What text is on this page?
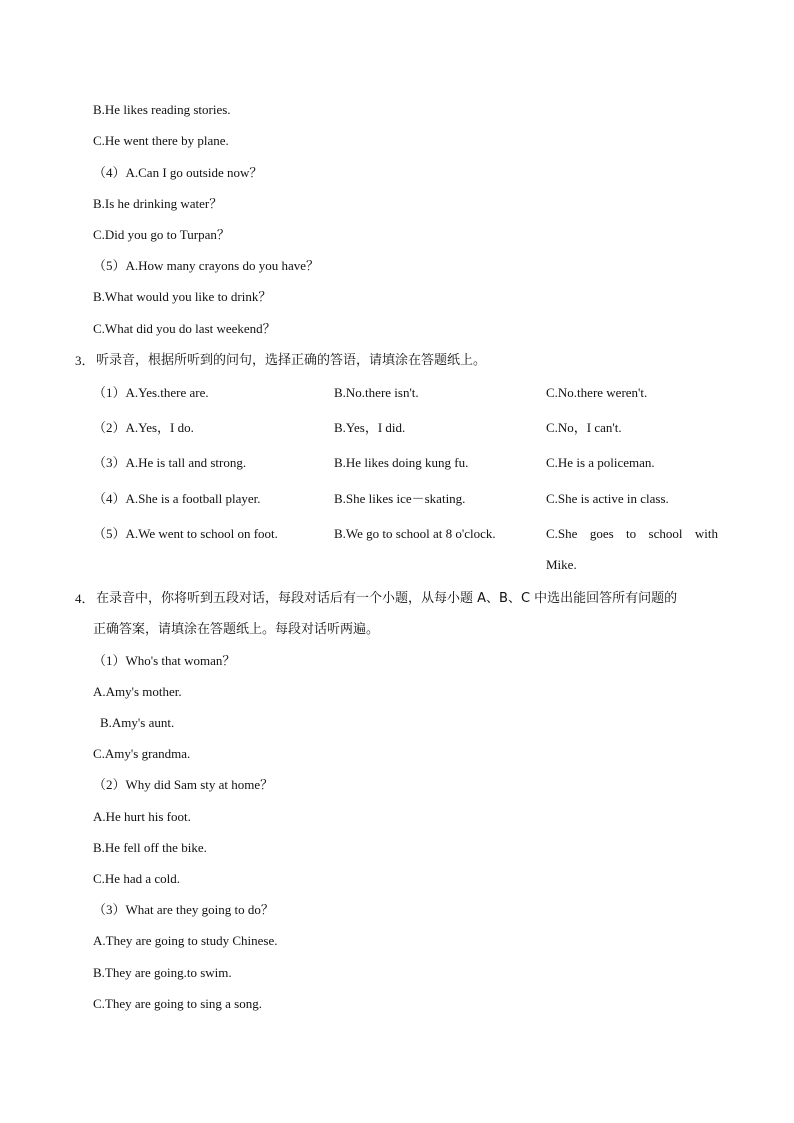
B.He likes reading stories.
C.He went there by plane.
（4）A.Can I go outside now？
B.Is he drinking water？
C.Did you go to Turpan？
（5）A.How many crayons do you have？
B.What would you like to drink？
C.What did you do last weekend？
3． 听录音，根据所听到的问句，选择正确的答语，请填涂在答题纸上。
（1）A.Yes.there are.	B.No.there isn't.	C.No.there weren't.
（2）A.Yes，I do.	B.Yes，I did.	C.No，I can't.
（3）A.He is tall and strong.	B.He likes doing kung fu.	C.He is a policeman.
（4）A.She is a football player.	B.She likes ice－skating.	C.She is active in class.
（5）A.We went to school on foot.	B.We go to school at 8 o'clock.	C.She goes to school with
Mike.
4． 在录音中，你将听到五段对话，每段对话后有一个小题，从每小题 A、B、C 中选出能回答所有问题的
正确答案，请填涂在答题纸上。每段对话听两遍。
（1）Who's that woman？
A.Amy's mother.
B.Amy's aunt.
C.Amy's grandma.
（2）Why did Sam sty at home？
A.He hurt his foot.
B.He fell off the bike.
C.He had a cold.
（3）What are they going to do？
A.They are going to study Chinese.
B.They are going.to swim.
C.They are going to sing a song.
